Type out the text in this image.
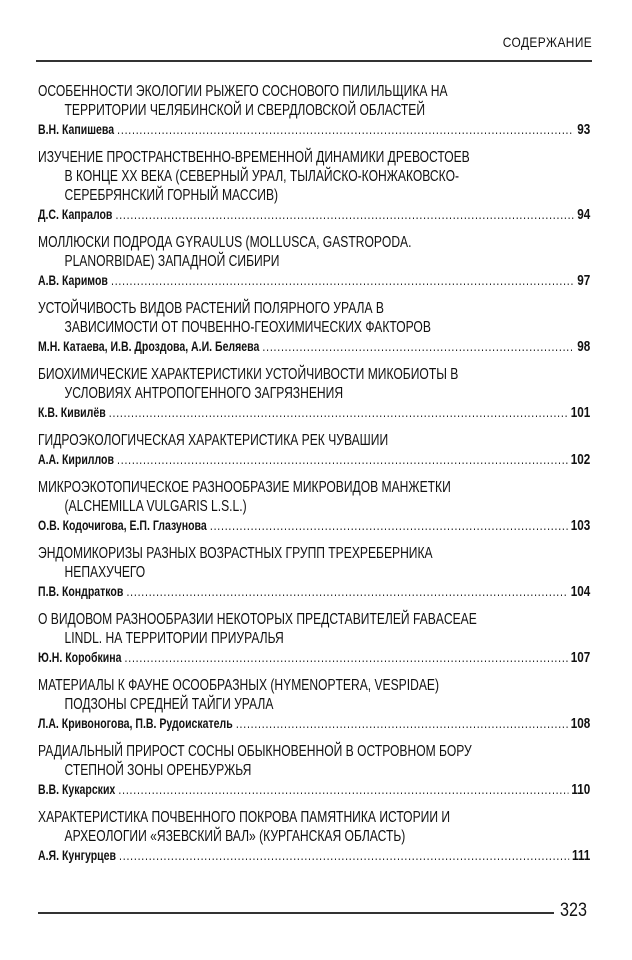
СОДЕРЖАНИЕ
ОСОБЕННОСТИ ЭКОЛОГИИ РЫЖЕГО СОСНОВОГО ПИЛИЛЬЩИКА НА
ТЕРРИТОРИИ ЧЕЛЯБИНСКОЙ И СВЕРДЛОВСКОЙ ОБЛАСТЕЙ
В.Н. Капишева .....	93
ИЗУЧЕНИЕ ПРОСТРАНСТВЕННО-ВРЕМЕННОЙ ДИНАМИКИ ДРЕВОСТОЕВ
В КОНЦЕ XX ВЕКА (СЕВЕРНЫЙ УРАЛ, ТЫЛАЙСКО-КОНЖАКОВСКО-
СЕРЕБРЯНСКИЙ ГОРНЫЙ МАССИВ)
Д.С. Капралов .....	94
МОЛЛЮСКИ ПОДРОДА GYRAULUS (MOLLUSCA, GASTROPODA.
PLANORBIDAE) ЗАПАДНОЙ СИБИРИ
А.В. Каримов .....	97
УСТОЙЧИВОСТЬ ВИДОВ РАСТЕНИЙ ПОЛЯРНОГО УРАЛА В
ЗАВИСИМОСТИ ОТ ПОЧВЕННО-ГЕОХИМИЧЕСКИХ ФАКТОРОВ
М.Н. Катаева, И.В. Дроздова, А.И. Беляева .....	98
БИОХИМИЧЕСКИЕ ХАРАКТЕРИСТИКИ УСТОЙЧИВОСТИ МИКОБИОТЫ В
УСЛОВИЯХ АНТРОПОГЕННОГО ЗАГРЯЗНЕНИЯ
К.В. Кивилёв .....	101
ГИДРОЭКОЛОГИЧЕСКАЯ ХАРАКТЕРИСТИКА РЕК ЧУВАШИИ
А.А. Кириллов .....	102
МИКРОЭКОТОПИЧЕСКОЕ РАЗНООБРАЗИЕ МИКРОВИДОВ МАНЖЕТКИ
(ALCHEMILLA VULGARIS L.S.L.)
О.В. Кодочигова, Е.П. Глазунова .....	103
ЭНДОМИКОРИЗЫ РАЗНЫХ ВОЗРАСТНЫХ ГРУПП ТРЕХРЕБЕРНИКА
НЕПАХУЧЕГО
П.В. Кондратков .....	104
О ВИДОВОМ РАЗНООБРАЗИИ НЕКОТОРЫХ ПРЕДСТАВИТЕЛЕЙ FABACEAE
LINDL. НА ТЕРРИТОРИИ ПРИУРАЛЬЯ
Ю.Н. Коробкина .....	107
МАТЕРИАЛЫ К ФАУНЕ ОСООБРАЗНЫХ (HYMENOPTERA, VESPIDAE)
ПОДЗОНЫ СРЕДНЕЙ ТАЙГИ УРАЛА
Л.А. Кривоногова, П.В. Рудоискатель .....	108
РАДИАЛЬНЫЙ ПРИРОСТ СОСНЫ ОБЫКНОВЕННОЙ В ОСТРОВНОМ БОРУ
СТЕПНОЙ ЗОНЫ ОРЕНБУРЖЬЯ
В.В. Кукарских .....	110
ХАРАКТЕРИСТИКА ПОЧВЕННОГО ПОКРОВА ПАМЯТНИКА ИСТОРИИ И
АРХЕОЛОГИИ «ЯЗЕВСКИЙ ВАЛ» (КУРГАНСКАЯ ОБЛАСТЬ)
А.Я. Кунгурцев .....	111
323
